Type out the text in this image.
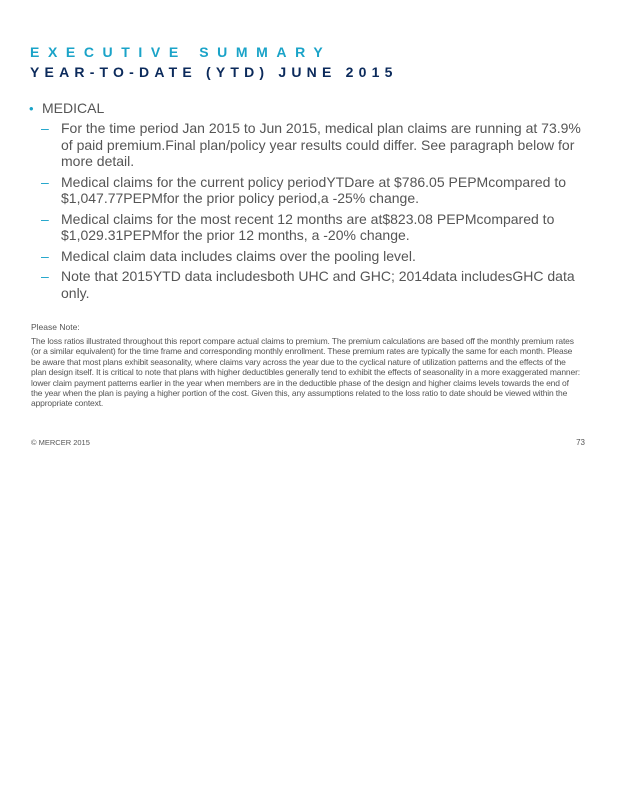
EXECUTIVE SUMMARY
YEAR-TO-DATE (YTD) JUNE 2015
• MEDICAL
– For the time period Jan 2015 to Jun 2015, medical plan claims are running at 73.9% of paid premium.Final plan/policy year results could differ. See paragraph below for more detail.
– Medical claims for the current policy periodYTDare at $786.05 PEPMcompared to $1,047.77PEPMfor the prior policy period,a -25% change.
– Medical claims for the most recent 12 months are at$823.08 PEPMcompared to $1,029.31PEPMfor the prior 12 months, a -20% change.
– Medical claim data includes claims over the pooling level.
– Note that 2015YTD data includesboth UHC and GHC; 2014data includesGHC data only.
Please Note:
The loss ratios illustrated throughout this report compare actual claims to premium. The premium calculations are based off the monthly premium rates (or a similar equivalent) for the time frame and corresponding monthly enrollment. These premium rates are typically the same for each month. Please be aware that most plans exhibit seasonality, where claims vary across the year due to the cyclical nature of utilization patterns and the effects of the plan design itself. It is critical to note that plans with higher deductibles generally tend to exhibit the effects of seasonality in a more exaggerated manner: lower claim payment patterns earlier in the year when members are in the deductible phase of the design and higher claims levels towards the end of the year when the plan is paying a higher portion of the cost. Given this, any assumptions related to the loss ratio to date should be viewed within the appropriate context.
© MERCER 2015	73
